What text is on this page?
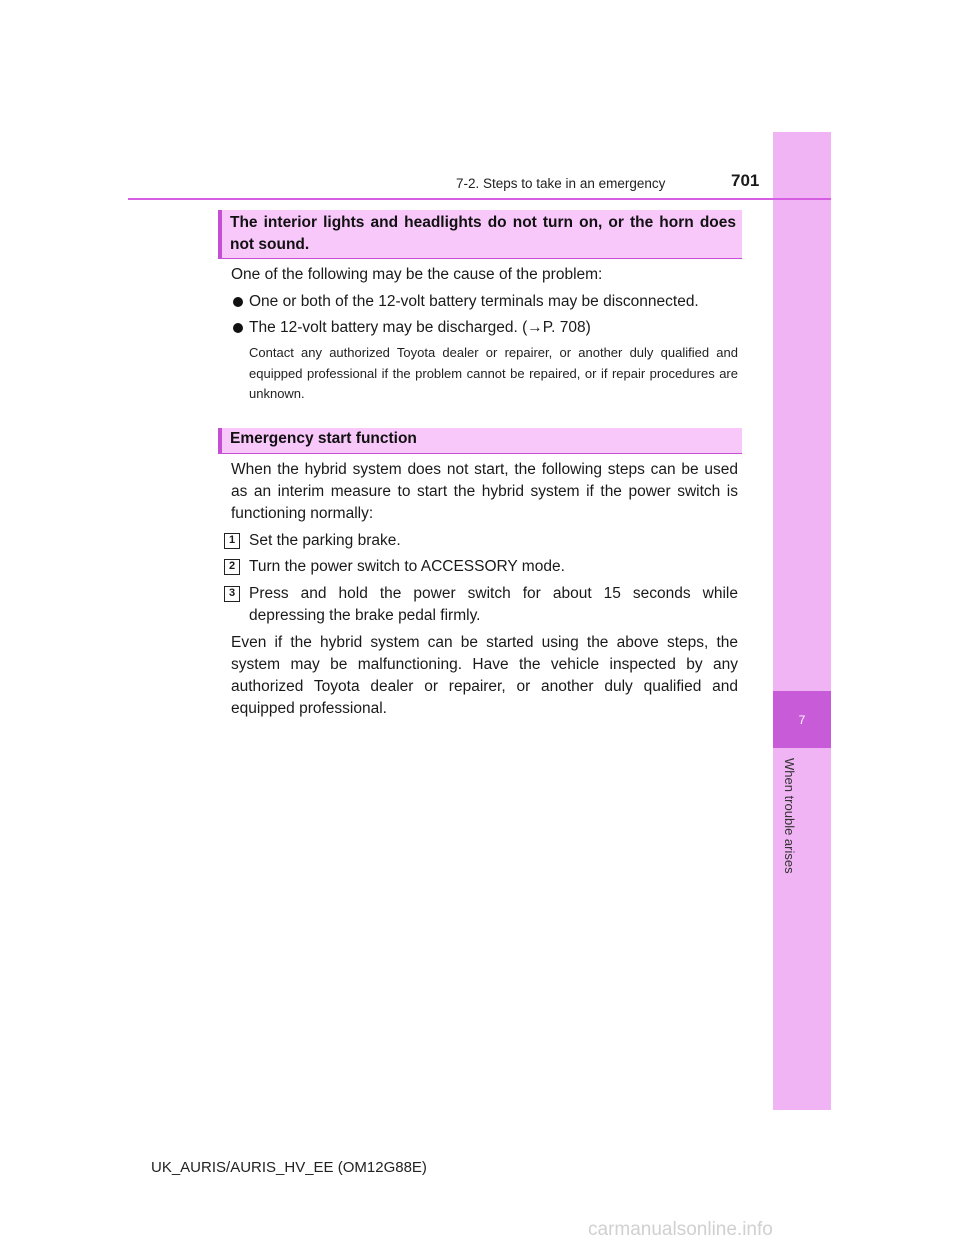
7
When trouble arises
7-2. Steps to take in an emergency	701
The interior lights and headlights do not turn on, or the horn does not sound.
One of the following may be the cause of the problem:
One or both of the 12-volt battery terminals may be disconnected.
The 12-volt battery may be discharged. (→P. 708)
Contact any authorized Toyota dealer or repairer, or another duly qualified and equipped professional if the problem cannot be repaired, or if repair procedures are unknown.
Emergency start function
When the hybrid system does not start, the following steps can be used as an interim measure to start the hybrid system if the power switch is functioning normally:
1 Set the parking brake.
2 Turn the power switch to ACCESSORY mode.
3 Press and hold the power switch for about 15 seconds while depressing the brake pedal firmly.
Even if the hybrid system can be started using the above steps, the system may be malfunctioning. Have the vehicle inspected by any authorized Toyota dealer or repairer, or another duly qualified and equipped professional.
UK_AURIS/AURIS_HV_EE (OM12G88E)
carmanualsonline.info
